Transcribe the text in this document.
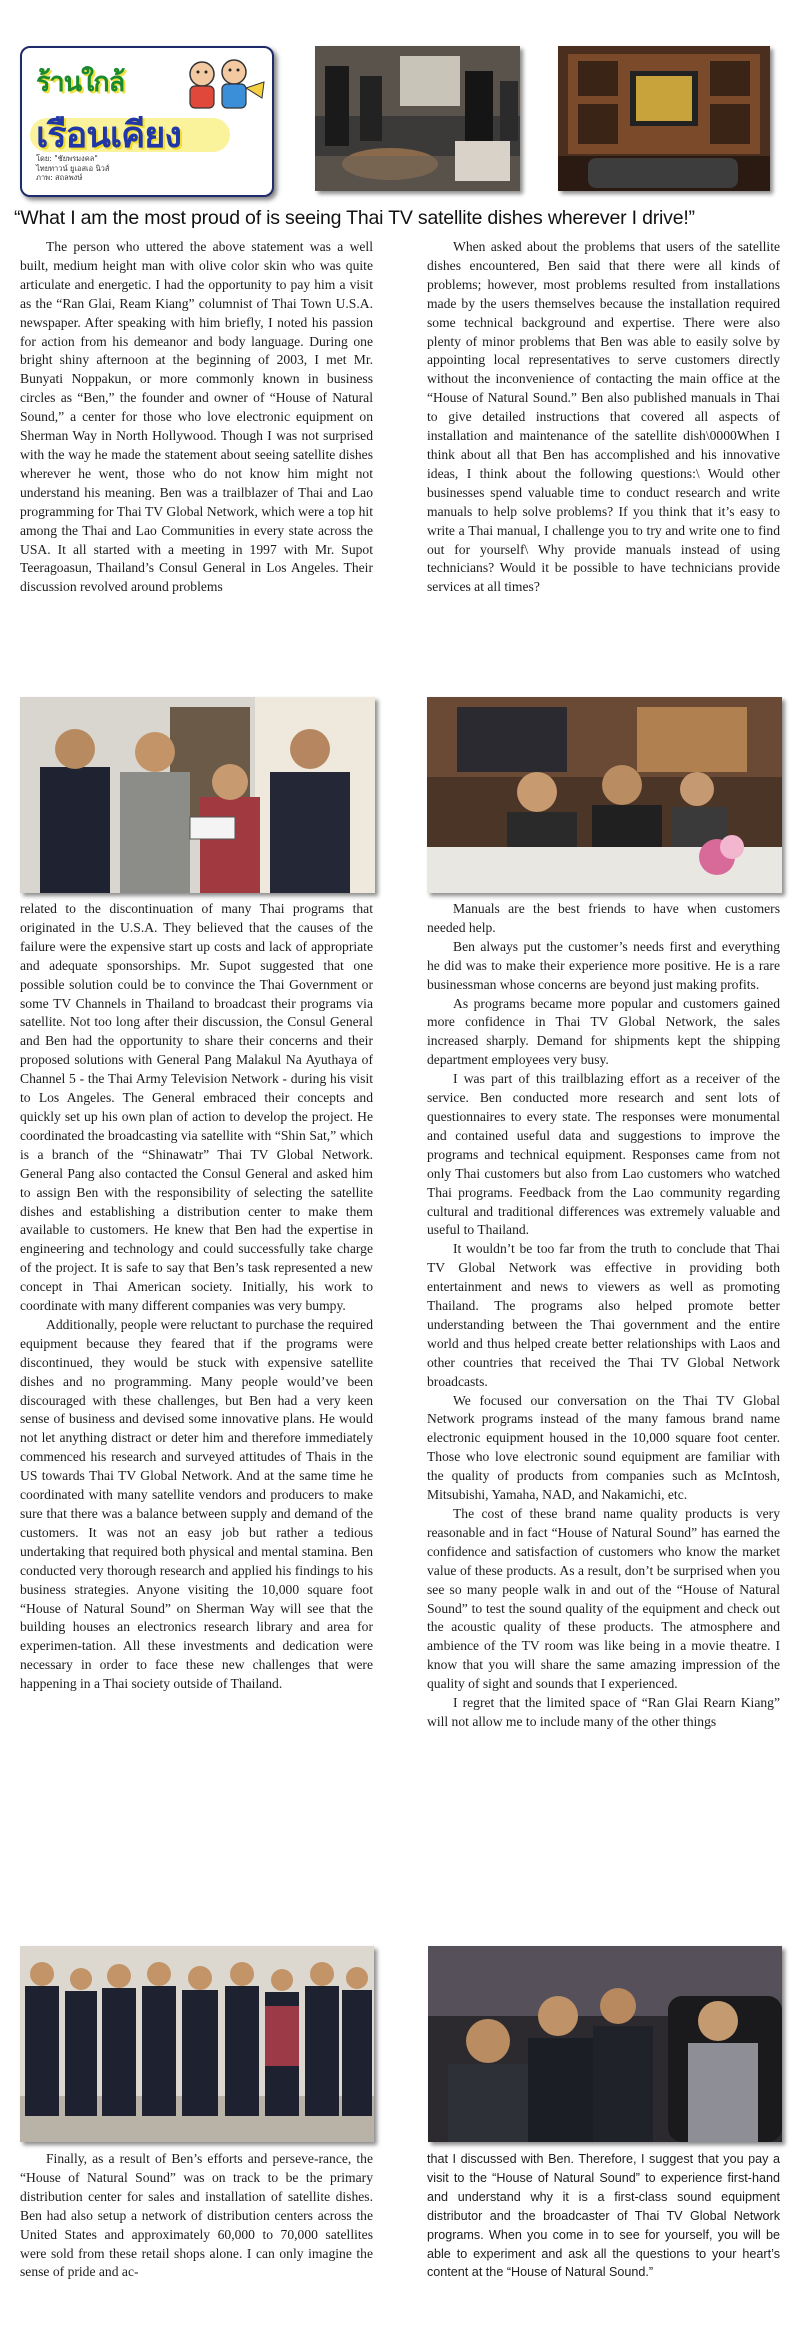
ร้านใกล้
เรือนเคียง
โดย: "ชัยพรมงคล"
ไทยทาวน์ ยูเอสเอ นิวส์
ภาพ: สถลพงษ์
“What I am the most proud of is seeing Thai TV satellite dishes wherever I drive!”

The person who uttered the above statement was a well built, medium height man with olive color skin who was quite articulate and energetic. I had the opportunity to pay him a visit as the “Ran Glai, Ream Kiang” columnist of Thai Town U.S.A. newspaper. After speaking with him briefly, I noted his passion for action from his demeanor and body language. During one bright shiny afternoon at the beginning of 2003, I met Mr. Bunyati Noppakun, or more commonly known in business circles as “Ben,” the founder and owner of “House of Natural Sound,” a center for those who love electronic equipment on Sherman Way in North Hollywood. Though I was not surprised with the way he made the statement about seeing satellite dishes wherever he went, those who do not know him might not understand his meaning. Ben was a trailblazer of Thai and Lao programming for Thai TV Global Network, which were a top hit among the Thai and Lao Communities in every state across the USA. It all started with a meeting in 1997 with Mr. Supot Teeragoasun, Thailand’s Consul General in Los Angeles. Their discussion revolved around problems

When asked about the problems that users of the satellite dishes encountered, Ben said that there were all kinds of problems; however, most problems resulted from installations made by the users themselves because the installation required some technical background and expertise. There were also plenty of minor problems that Ben was able to easily solve by appointing local representatives to serve customers directly without the inconvenience of contacting the main office at the “House of Natural Sound.” Ben also published manuals in Thai to give detailed instructions that covered all aspects of installation and maintenance of the satellite dish\0000When I think about all that Ben has accomplished and his innovative ideas, I think about the following questions:\ Would other businesses spend valuable time to conduct research and write manuals to help solve problems? If you think that it’s easy to write a Thai manual, I challenge you to try and write one to find out for yourself\ Why provide manuals instead of using technicians? Would it be possible to have technicians provide services at all times?

related to the discontinuation of many Thai programs that originated in the U.S.A. They believed that the causes of the failure were the expensive start up costs and lack of appropriate and adequate sponsorships. Mr. Supot suggested that one possible solution could be to convince the Thai Government or some TV Channels in Thailand to broadcast their programs via satellite. Not too long after their discussion, the Consul General and Ben had the opportunity to share their concerns and their proposed solutions with General Pang Malakul Na Ayuthaya of Channel 5 - the Thai Army Television Network - during his visit to Los Angeles. The General embraced their concepts and quickly set up his own plan of action to develop the project. He coordinated the broadcasting via satellite with “Shin Sat,” which is a branch of the “Shinawatr” Thai TV Global Network. General Pang also contacted the Consul General and asked him to assign Ben with the responsibility of selecting the satellite dishes and establishing a distribution center to make them available to customers. He knew that Ben had the expertise in engineering and technology and could successfully take charge of the project. It is safe to say that Ben’s task represented a new concept in Thai American society. Initially, his work to coordinate with many different companies was very bumpy.

Additionally, people were reluctant to purchase the required equipment because they feared that if the programs were discontinued, they would be stuck with expensive satellite dishes and no programming. Many people would’ve been discouraged with these challenges, but Ben had a very keen sense of business and devised some innovative plans. He would not let anything distract or deter him and therefore immediately commenced his research and surveyed attitudes of Thais in the US towards Thai TV Global Network. And at the same time he coordinated with many satellite vendors and producers to make sure that there was a balance between supply and demand of the customers. It was not an easy job but rather a tedious undertaking that required both physical and mental stamina. Ben conducted very thorough research and applied his findings to his business strategies. Anyone visiting the 10,000 square foot “House of Natural Sound” on Sherman Way will see that the building houses an electronics research library and area for experimen-tation. All these investments and dedication were necessary in order to face these new challenges that were happening in a Thai society outside of Thailand.

Manuals are the best friends to have when customers needed help.

Ben always put the customer’s needs first and everything he did was to make their experience more positive. He is a rare businessman whose concerns are beyond just making profits.

As programs became more popular and customers gained more confidence in Thai TV Global Network, the sales increased sharply. Demand for shipments kept the shipping department employees very busy.

I was part of this trailblazing effort as a receiver of the service. Ben conducted more research and sent lots of questionnaires to every state. The responses were monumental and contained useful data and suggestions to improve the programs and technical equipment. Responses came from not only Thai customers but also from Lao customers who watched Thai programs. Feedback from the Lao community regarding cultural and traditional differences was extremely valuable and useful to Thailand.

It wouldn’t be too far from the truth to conclude that Thai TV Global Network was effective in providing both entertainment and news to viewers as well as promoting Thailand. The programs also helped promote better understanding between the Thai government and the entire world and thus helped create better relationships with Laos and other countries that received the Thai TV Global Network broadcasts.

We focused our conversation on the Thai TV Global Network programs instead of the many famous brand name electronic equipment housed in the 10,000 square foot center. Those who love electronic sound equipment are familiar with the quality of products from companies such as McIntosh, Mitsubishi, Yamaha, NAD, and Nakamichi, etc.

The cost of these brand name quality products is very reasonable and in fact “House of Natural Sound” has earned the confidence and satisfaction of customers who know the market value of these products. As a result, don’t be surprised when you see so many people walk in and out of the “House of Natural Sound” to test the sound quality of the equipment and check out the acoustic quality of these products. The atmosphere and ambience of the TV room was like being in a movie theatre. I know that you will share the same amazing impression of the quality of sight and sounds that I experienced.

I regret that the limited space of “Ran Glai Rearn Kiang” will not allow me to include many of the other things

Finally, as a result of Ben’s efforts and perseve-rance, the “House of Natural Sound” was on track to be the primary distribution center for sales and installation of satellite dishes. Ben had also setup a network of distribution centers across the United States and approximately 60,000 to 70,000 satellites were sold from these retail shops alone. I can only imagine the sense of pride and ac-

that I discussed with Ben. Therefore, I suggest that you pay a visit to the “House of Natural Sound” to experience first-hand and understand why it is a first-class sound equipment distributor and the broadcaster of Thai TV Global Network programs. When you come in to see for yourself, you will be able to experiment and ask all the questions to your heart’s content at the “House of Natural Sound.”
